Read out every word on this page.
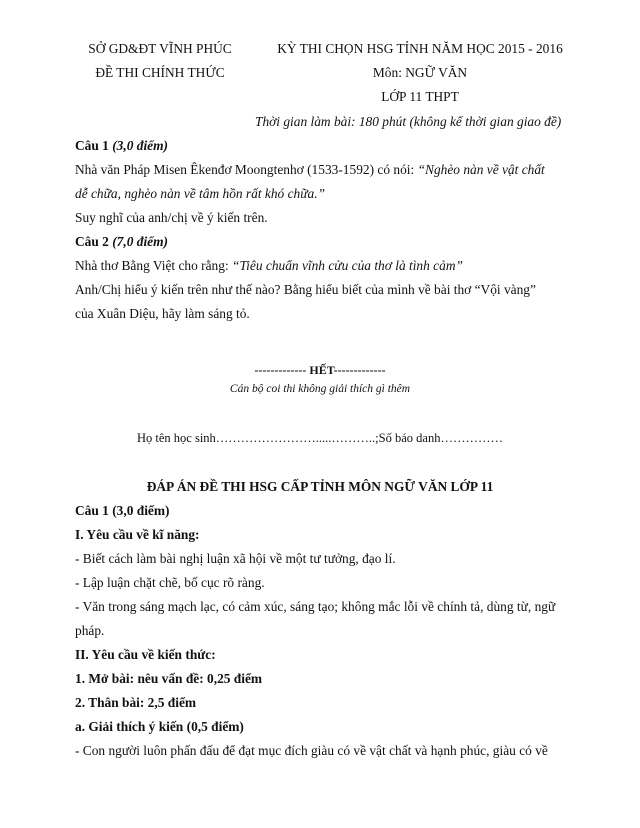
SỞ GD&ĐT VĨNH PHÚC
ĐỀ THI CHÍNH THỨC
KỲ THI CHỌN HSG TỈNH NĂM HỌC 2015 - 2016
Môn: NGỮ VĂN
LỚP 11 THPT
Thời gian làm bài: 180 phút (không kể thời gian giao đề)
Câu 1 (3,0 điểm)
Nhà văn Pháp Misen Êkenđơ Moongtenhơ (1533-1592) có nói: “Nghèo nàn về vật chất
dễ chữa, nghèo nàn về tâm hồn rất khó chữa.”
Suy nghĩ của anh/chị về ý kiến trên.
Câu 2 (7,0 điểm)
Nhà thơ Bằng Việt cho rằng: “Tiêu chuẩn vĩnh cửu của thơ là tình cảm”
Anh/Chị hiểu ý kiến trên như thế nào? Bằng hiểu biết của mình về bài thơ “Vội vàng”
của Xuân Diệu, hãy làm sáng tỏ.
------------- HẾT-------------
Cán bộ coi thi không giải thích gì thêm
Họ tên học sinh…………………….....………..;Số báo danh……………
ĐÁP ÁN ĐỀ THI HSG CẤP TỈNH MÔN NGỮ VĂN LỚP 11
Câu 1 (3,0 điểm)
I. Yêu cầu về kĩ năng:
- Biết cách làm bài nghị luận xã hội về một tư tưởng, đạo lí.
- Lập luận chặt chẽ, bố cục rõ ràng.
- Văn trong sáng mạch lạc, có cảm xúc, sáng tạo; không mắc lỗi về chính tả, dùng từ, ngữ
pháp.
II. Yêu cầu về kiến thức:
1. Mở bài: nêu vấn đề: 0,25 điểm
2. Thân bài: 2,5 điểm
a. Giải thích ý kiến (0,5 điểm)
- Con người luôn phấn đấu để đạt mục đích giàu có về vật chất và hạnh phúc, giàu có về
